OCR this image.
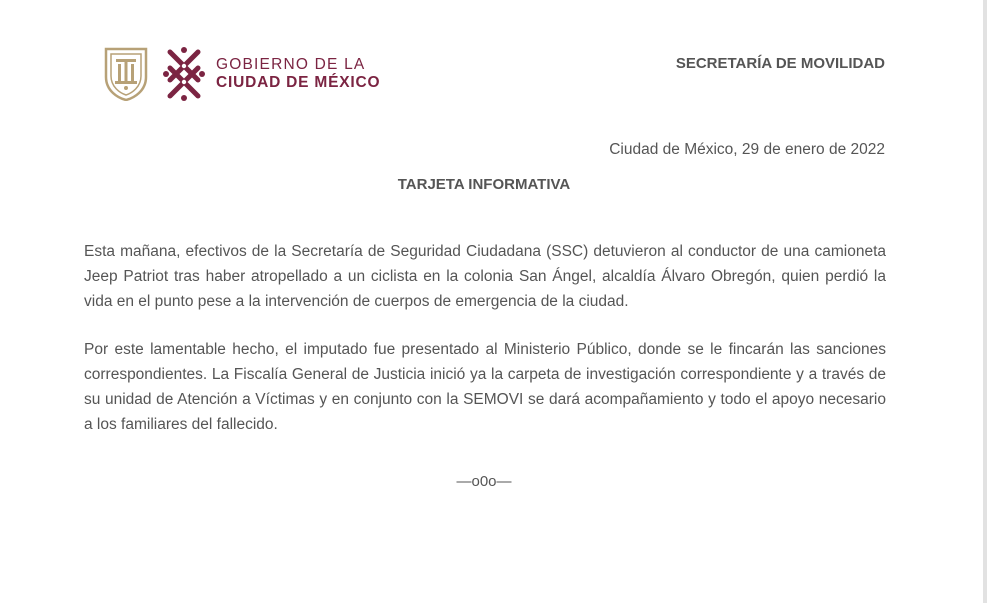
GOBIERNO DE LA
CIUDAD DE MÉXICO
SECRETARÍA DE MOVILIDAD
Ciudad de México, 29 de enero de 2022
TARJETA INFORMATIVA

Esta mañana, efectivos de la Secretaría de Seguridad Ciudadana (SSC) detuvieron al conductor de una camioneta Jeep Patriot tras haber atropellado a un ciclista en la colonia San Ángel, alcaldía Álvaro Obregón, quien perdió la vida en el punto pese a la intervención de cuerpos de emergencia de la ciudad.

Por este lamentable hecho, el imputado fue presentado al Ministerio Público, donde se le fincarán las sanciones correspondientes. La Fiscalía General de Justicia inició ya la carpeta de investigación correspondiente y a través de su unidad de Atención a Víctimas y en conjunto con la SEMOVI se dará acompañamiento y todo el apoyo necesario a los familiares del fallecido.

—o0o—
